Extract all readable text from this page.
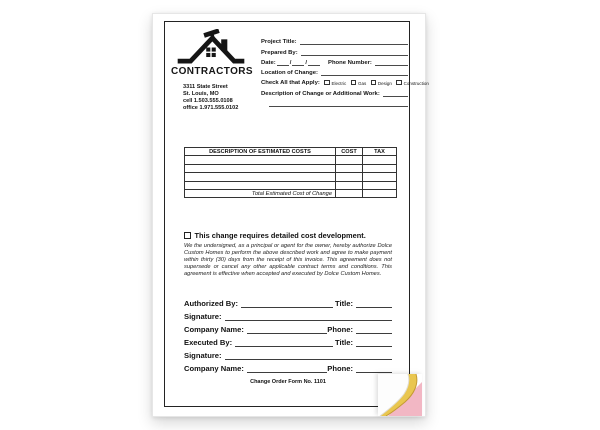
CONTRACTORS
3311 State Street
St. Louis, MO
cell 1.503.555.0108
office 1.971.555.0102
Project Title:
Prepared By:
Date: / /	Phone Number:
Location of Change:
Check All that Apply:	Electric	Gas	Design	Construction
Description of Change or Additional Work:
DESCRIPTION OF ESTIMATED COSTS	COST	TAX

Total Estimated Cost of Change		
This change requires detailed cost development.
We the undersigned, as a principal or agent for the owner, hereby authorize Dolce Custom Homes to perform the above described work and agree to make payment within thirty (30) days from the receipt of this invoice. This agreement does not supersede or cancel any other applicable contract terms and conditions. This agreement is effective when accepted and executed by Dolce Custom Homes.
Authorized By:	Title:
Signature:
Company Name:	Phone:
Executed By:	Title:
Signature:
Company Name:	Phone:
Change Order Form No. 1101
